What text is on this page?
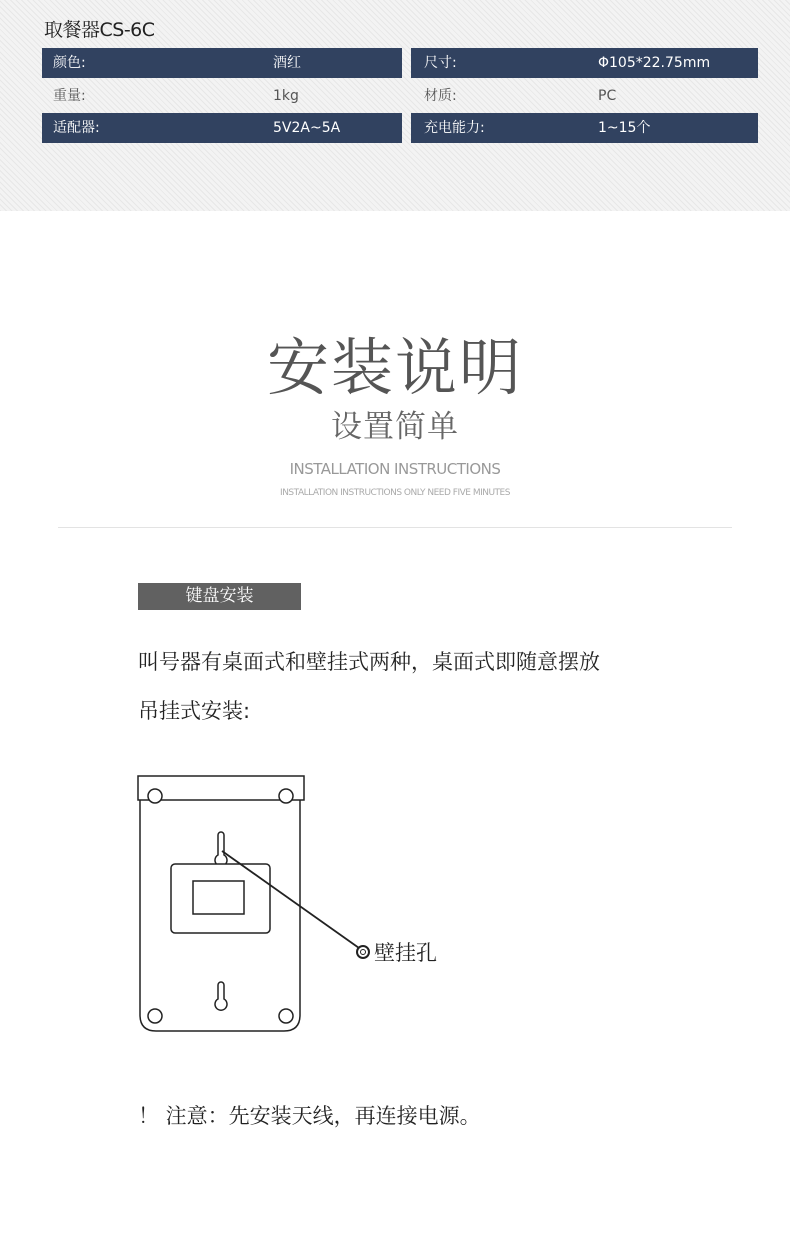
取餐器CS-6C
颜色:	酒红	尺寸:	Φ105*22.75mm
重量:	1kg	材质:	PC
适配器:	5V2A~5A	充电能力:	1~15个
安装说明
设置简单
INSTALLATION INSTRUCTIONS
INSTALLATION INSTRUCTIONS ONLY NEED FIVE MINUTES
键盘安装
叫号器有桌面式和壁挂式两种，桌面式即随意摆放
吊挂式安装:
壁挂孔
！ 注意：先安装天线，再连接电源。
